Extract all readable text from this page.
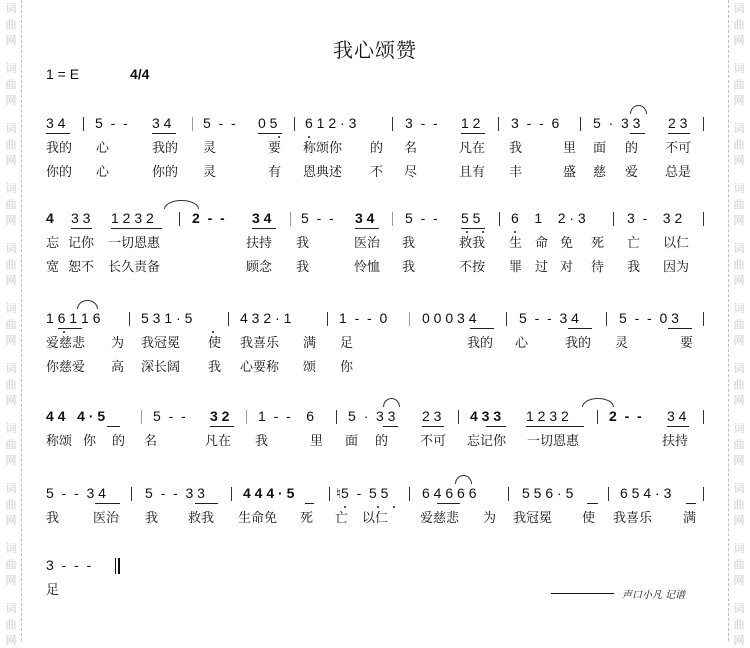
词
曲
网
词
曲
网
词
曲
网
词
曲
网
词
曲
网
词
曲
网
词
曲
网
词
曲
网
词
曲
网
词
曲
网
词
曲
网
词
曲
网
词
曲
网
词
曲
网
词
曲
网
词
曲
网
词
曲
网
词
曲
网
词
曲
网
词
曲
网
词
曲
网
词
曲
网
我心颂赞
1 = E	4/4
3 4 5  -  - 3 4 5  -  - 0 5 6 1 2 · 3	3  -  - 1 2 3  -  -  6 5  ·  3 3 2 3
我的 心	我的 灵	要 称颂你 的 名	凡在 我	里 面 的 不可
你的 心	你的 灵	有 恩典述 不 尽	且有 丰	盛 慈 爱 总是
4 3 3 1 2 3 2	2  -  - 3 4 5  -  - 3 4 5  -  - 5 5 6    1    2 · 3	3  -    3 2
忘 记你 一切恩惠	扶持 我	医治 我	救我 生 命 免 死 亡 以仁
宽 恕不 长久责备	顾念 我	怜恤 我	不按 罪 过 对 待 我 因为
1 6 1 1 6	5 3 1 · 5	4 3 2 · 1	1  -  -  0 0 0 0 3 4	5  -  -  3 4	5  -  -  0 3
爱慈悲 为 我冠冕 使 我喜乐 满 足	我的 心	我的 灵	要
你慈爱 高 深长阔 我 心要称 颂 你
4 4   4 · 5	5  -  - 3 2 1  -  -    6 5  ·  3 3 2 3 4 3 3 1 2 3 2	2  -  - 3 4
称颂 你 的 名	凡在 我	里 面 的 不可 忘记你 一切恩惠	扶持
5  -  -  3 4	5  -  -  3 3	4 4 4 · 5	♮5  -  5 5 6 4 6 6 6	5 5 6 · 5	6 5 4 · 3
我	医治 我 救我 生命免 死 亡 以仁 爱慈悲 为 我冠冕 使 我喜乐 满
3  -  -  -
足	声口小凡 记谱
